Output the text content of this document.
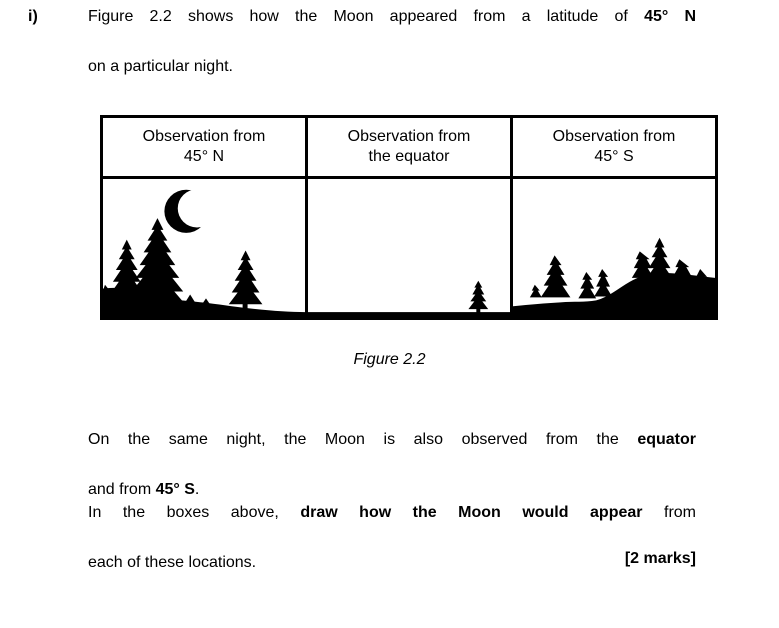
i)	Figure 2.2 shows how the Moon appeared from a latitude of 45° N
on a particular night.
Observation from
45° N
Observation from
the equator
Observation from
45° S
Figure 2.2
On the same night, the Moon is also observed from the equator
and from 45° S.
In the boxes above, draw how the Moon would appear from
each of these locations.	[2 marks]
